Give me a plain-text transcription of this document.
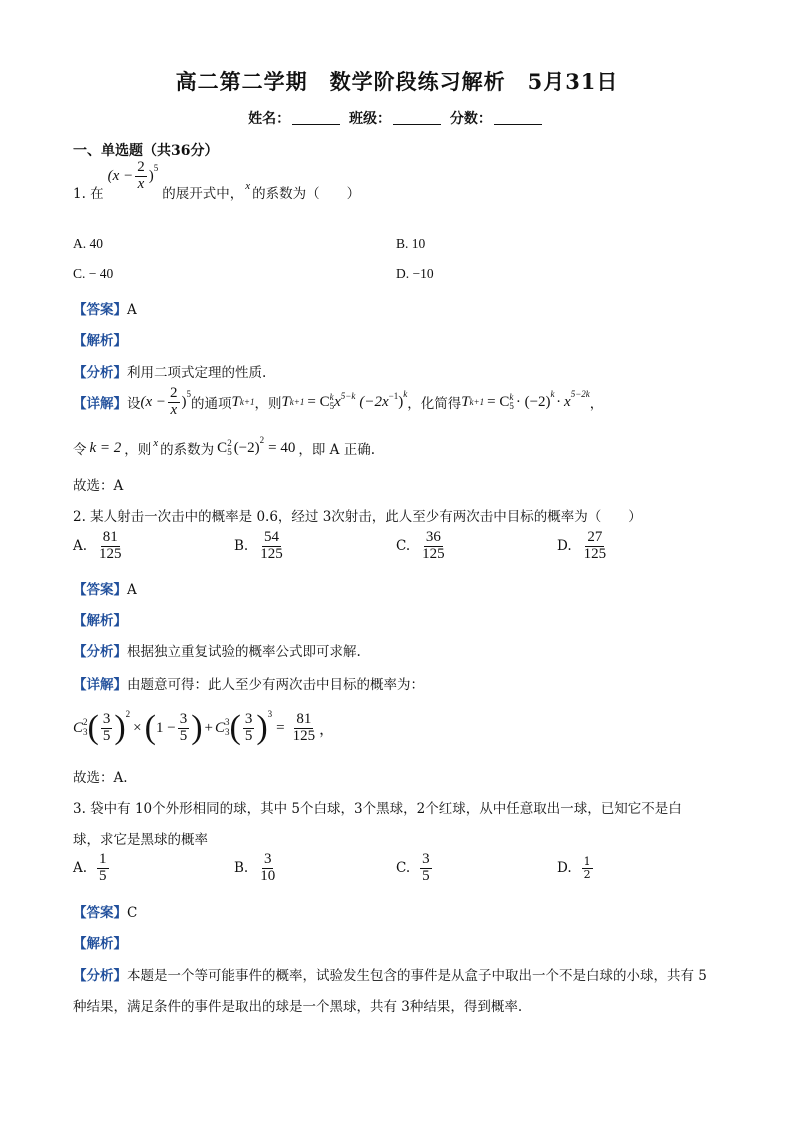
高二第二学期　数学阶段练习解析　5月31日
姓名：	班级：	分数：
一、单选题（共36分）
1. 在
$(x - \frac{2}{x} )^5$
的展开式中， x 的系数为（　　）
A. 40	B. 10
C. − 40	D. −10
【答案】A
【解析】
【分析】利用二项式定理的性质.
【详解】 设 $(x - \frac{2}{x} )^5$
的通项 T k+1 ，则 T k+1 = C k
5 $x^{5-k}$ ($-2x^{-1}$ )$^k$
，化简得 T k+1 = C k
$5 \cdot (-2)^k \cdot x^{5-2k}$
，
令 k = 2 ，则 x 的系数为 C 2
5 $(-2)^2 = 40$ ，即 A 正确.
故选：A
2. 某人射击一次击中的概率是 0.6，经过 3次射击，此人至少有两次击中目标的概率为（　　）
A. $\frac{81}{125}$	B. $\frac{54}{125}$	C. $\frac{36}{125}$	D. $\frac{27}{125}$
【答案】A
【解析】
【分析】根据独立重复试验的概率公式即可求解.
【详解】由题意可得：此人至少有两次击中目标的概率为：
C 2
3 ( $\frac{3}{5} )^2$
× ( $1 - \frac{3}{5}$ ) + C 3
3 ( $\frac{3}{5} )^3$
= $\frac{81}{125}$ ，
故选：A.
3. 袋中有 10个外形相同的球，其中 5个白球，3个黑球，2个红球，从中任意取出一球，已知它不是白
球，求它是黑球的概率
A. $\frac{1}{5}$	B. $\frac{3}{10}$	C. $\frac{3}{5}$	D. $\frac{1}{2}$
【答案】C
【解析】
【分析】本题是一个等可能事件的概率，试验发生包含的事件是从盒子中取出一个不是白球的小球，共有 5
种结果，满足条件的事件是取出的球是一个黑球，共有 3种结果，得到概率.
